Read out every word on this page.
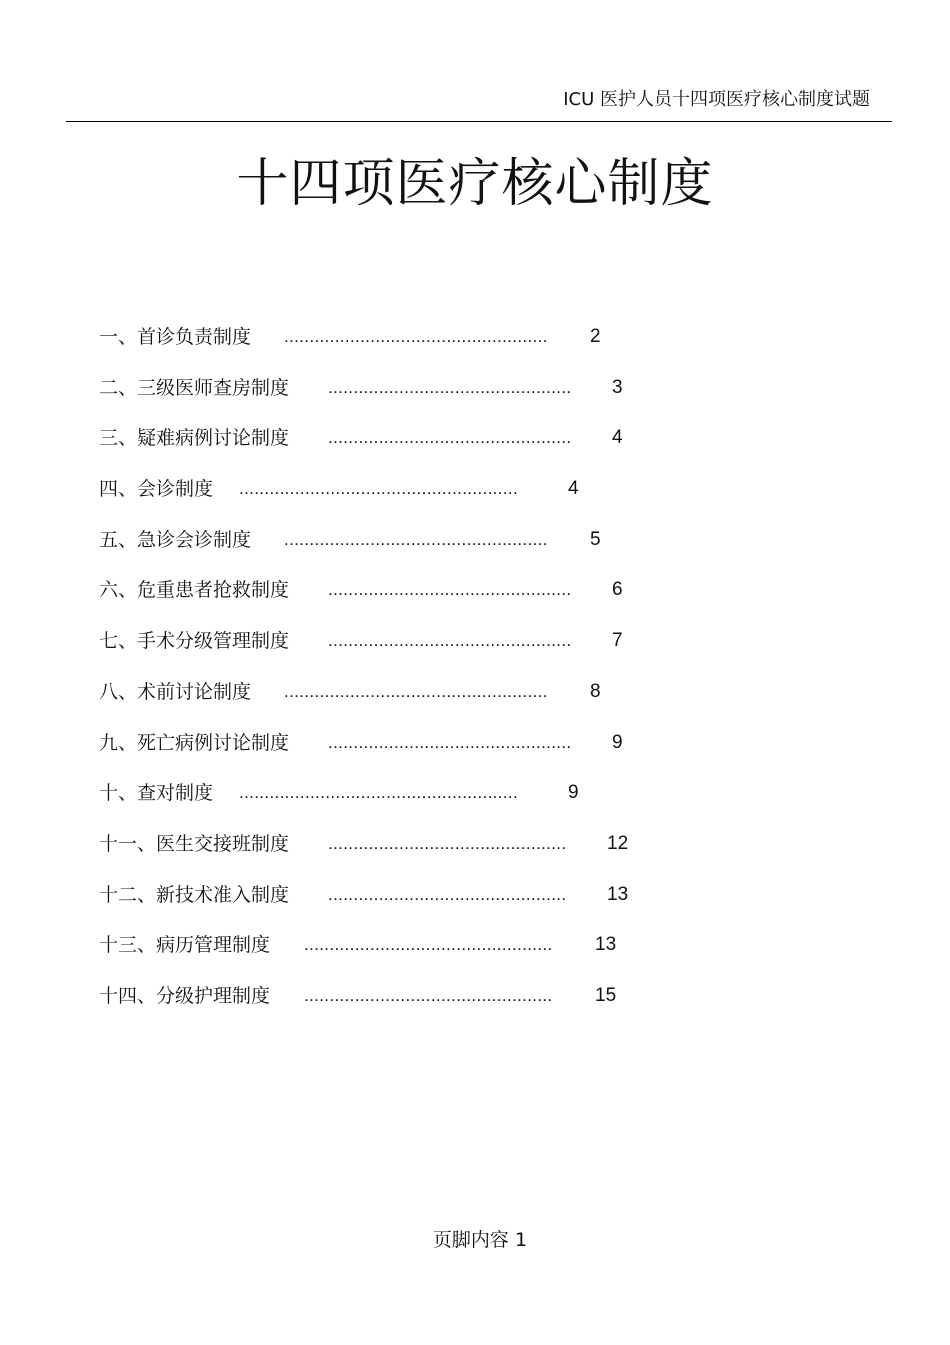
ICU 医护人员十四项医疗核心制度试题
十四项医疗核心制度
一、首诊负责制度 ....................................................	2
二、三级医师查房制度 ................................................	3
三、疑难病例讨论制度 ................................................	4
四、会诊制度 .......................................................	4
五、急诊会诊制度 ....................................................	5
六、危重患者抢救制度 ................................................	6
七、手术分级管理制度 ................................................	7
八、术前讨论制度 ....................................................	8
九、死亡病例讨论制度 ................................................	9
十、查对制度 .......................................................	9
十一、医生交接班制度 ...............................................	12
十二、新技术准入制度 ...............................................	13
十三、病历管理制度 .................................................	13
十四、分级护理制度 .................................................	15
页脚内容 1
